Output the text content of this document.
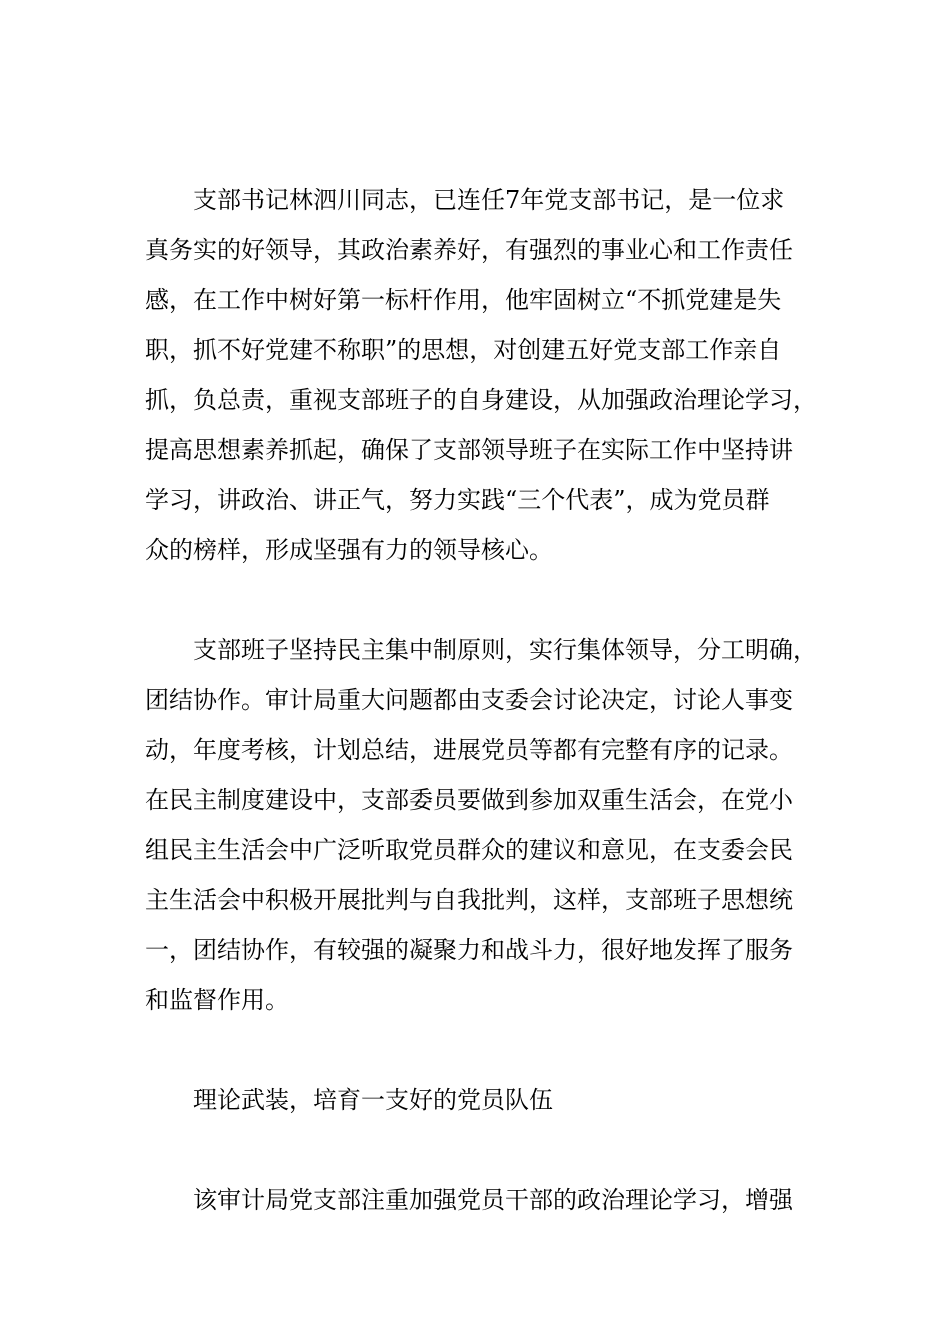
支部书记林泗川同志，已连任7年党支部书记，是一位求
真务实的好领导，其政治素养好，有强烈的事业心和工作责任
感，在工作中树好第一标杆作用，他牢固树立“不抓党建是失
职，抓不好党建不称职”的思想，对创建五好党支部工作亲自
抓，负总责，重视支部班子的自身建设，从加强政治理论学习，
提高思想素养抓起，确保了支部领导班子在实际工作中坚持讲
学习，讲政治、讲正气，努力实践“三个代表”，成为党员群
众的榜样，形成坚强有力的领导核心。
支部班子坚持民主集中制原则，实行集体领导，分工明确，
团结协作。审计局重大问题都由支委会讨论决定，讨论人事变
动，年度考核，计划总结，进展党员等都有完整有序的记录。
在民主制度建设中，支部委员要做到参加双重生活会，在党小
组民主生活会中广泛听取党员群众的建议和意见，在支委会民
主生活会中积极开展批判与自我批判，这样，支部班子思想统
一，团结协作，有较强的凝聚力和战斗力，很好地发挥了服务
和监督作用。
理论武装，培育一支好的党员队伍
该审计局党支部注重加强党员干部的政治理论学习，增强
